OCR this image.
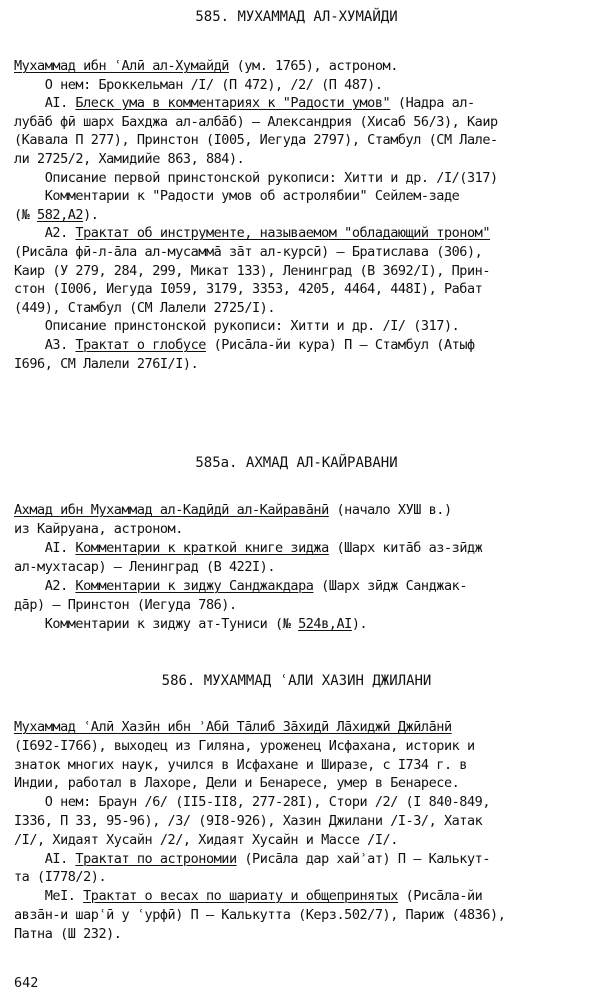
585. МУХАММАД АЛ-ХУМАЙДИ
Мухаммад ибн ʿАлӣ ал-Хумайдӣ (ум. 1765), астроном.
О нем: Броккельман /I/ (П 472), /2/ (П 487).
AI. Блеск ума в комментариях к "Радости умов" (Надра ал-
лубāб фӣ шарх Бахджа ал-албāб) – Александрия (Хисаб 56/3), Каир
(Кавала П 277), Принстон (I005, Иегуда 2797), Стамбул (СМ Лале-
ли 2725/2, Хамидийе 863, 884).
Описание первой принстонской рукописи: Хитти и др. /I/(317)
Комментарии к "Радости умов об астролябии" Сейлем-заде
(№ 582,А2).
А2. Трактат об инструменте, называемом "обладающий троном"
(Рисāла фӣ-л-āла ал-мусаммā зāт ал-курсӣ) – Братислава (306),
Каир (У 279, 284, 299, Микат 133), Ленинград (В 3692/I), Прин-
стон (I006, Иегуда I059, 3179, 3353, 4205, 4464, 448I), Рабат
(449), Стамбул (СМ Лалели 2725/I).
Описание принстонской рукописи: Хитти и др. /I/ (317).
А3. Трактат о глобусе (Рисāла-йи кура) П – Стамбул (Атыф
I696, СМ Лалели 276I/I).
585а. АХМАД АЛ-КАЙРАВАНИ
Ахмад ибн Мухаммад ал-Кадӣдӣ ал-Кайравāнӣ (начало ХУШ в.)
из Кайруана, астроном.
AI. Комментарии к краткой книге зиджа (Шарх китāб аз-зӣдж
ал-мухтасар) – Ленинград (В 422I).
А2. Комментарии к зиджу Санджакдара (Шарх зӣдж Санджак-
дāр) – Принстон (Иегуда 786).
Комментарии к зиджу ат-Туниси (№ 524в,AI).
586. МУХАММАД ʿАЛИ ХАЗИН ДЖИЛАНИ
Мухаммад ʿАлӣ Хазӣн ибн ʾАбӣ Тāлиб Зāхидӣ Лāхиджӣ Джӣлāнӣ
(I692-I766), выходец из Гиляна, уроженец Исфахана, историк и
знаток многих наук, учился в Исфахане и Ширазе, с I734 г. в
Индии, работал в Лахоре, Дели и Бенаресе, умер в Бенаресе.
О нем: Браун /6/ (II5-II8, 277-28I), Стори /2/ (I 840-849,
I336, П 33, 95-96), /3/ (9I8-926), Хазин Джилани /I-3/, Хатак
/I/, Хидаят Хусайн /2/, Хидаят Хусайн и Массе /I/.
AI. Трактат по астрономии (Рисāла дар хайʾат) П – Калькут-
та (I778/2).
MeI. Трактат о весах по шариату и общепринятых (Рисāла-йи
авзāн-и шарʿӣ у ʿурфӣ) П – Калькутта (Керз.502/7), Париж (4836),
Патна (Ш 232).
642
